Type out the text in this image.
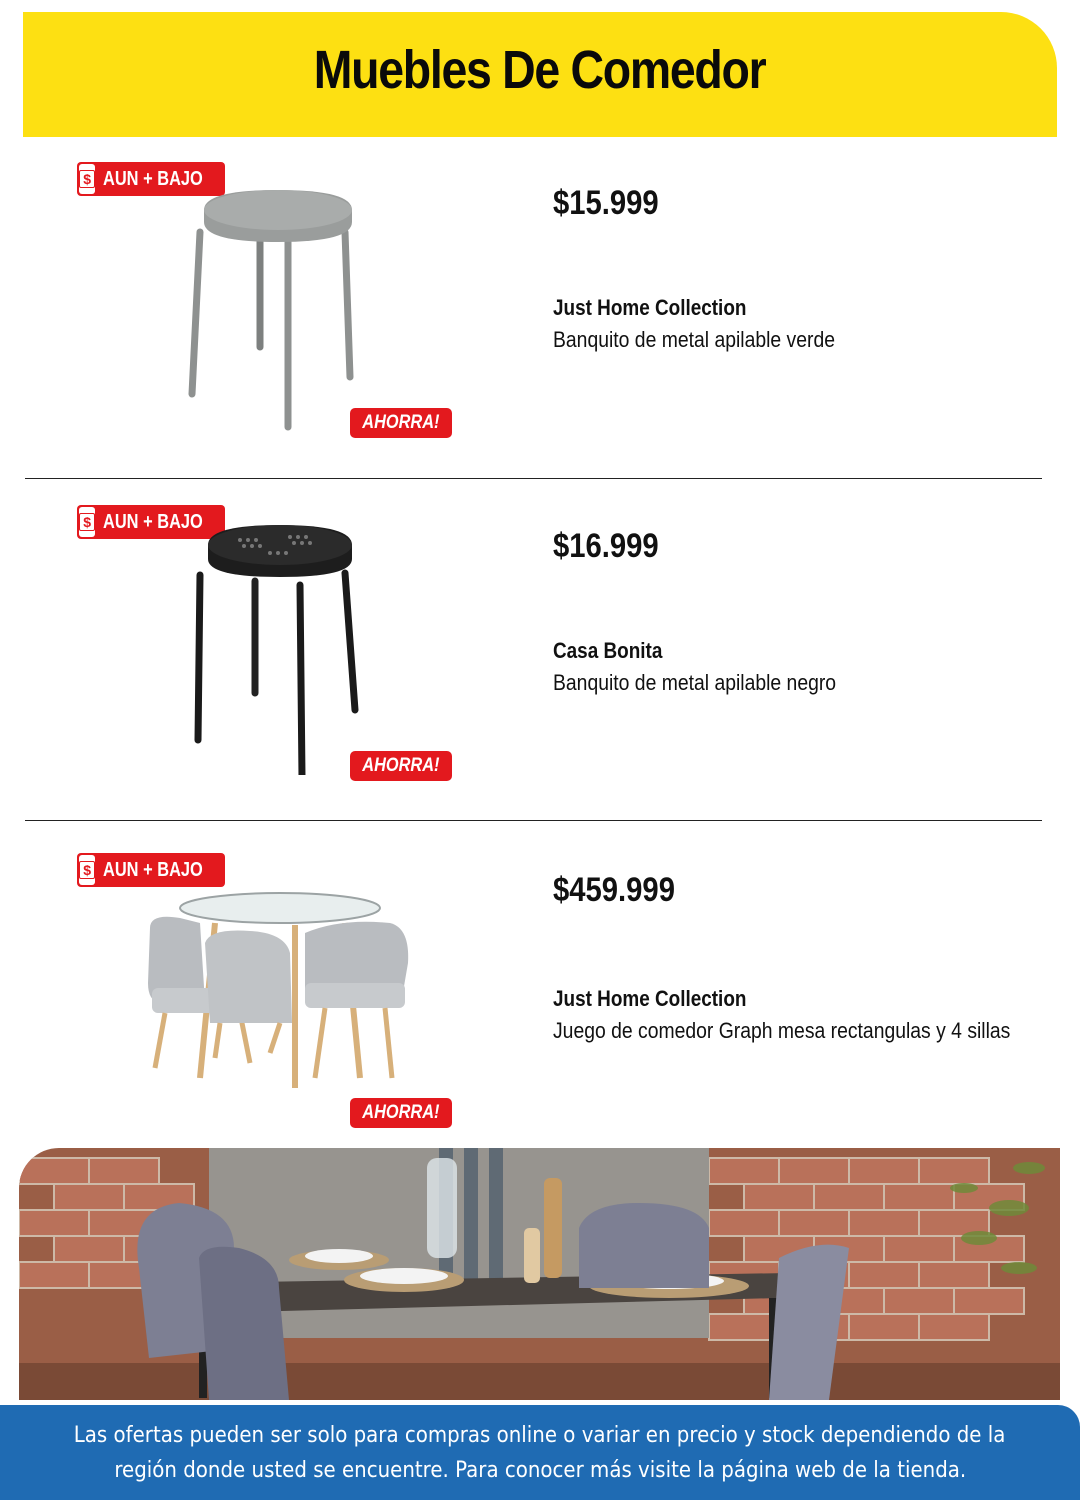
Muebles De Comedor
$ AUN + BAJO
AHORRA!
$15.999
Just Home Collection
Banquito de metal apilable verde
$ AUN + BAJO
AHORRA!
$16.999
Casa Bonita
Banquito de metal apilable negro
$ AUN + BAJO
AHORRA!
$459.999
Just Home Collection
Juego de comedor Graph mesa rectangulas y 4 sillas

Las ofertas pueden ser solo para compras online o variar en precio y stock dependiendo de la

región donde usted se encuentre. Para conocer más visite la página web de la tienda.
